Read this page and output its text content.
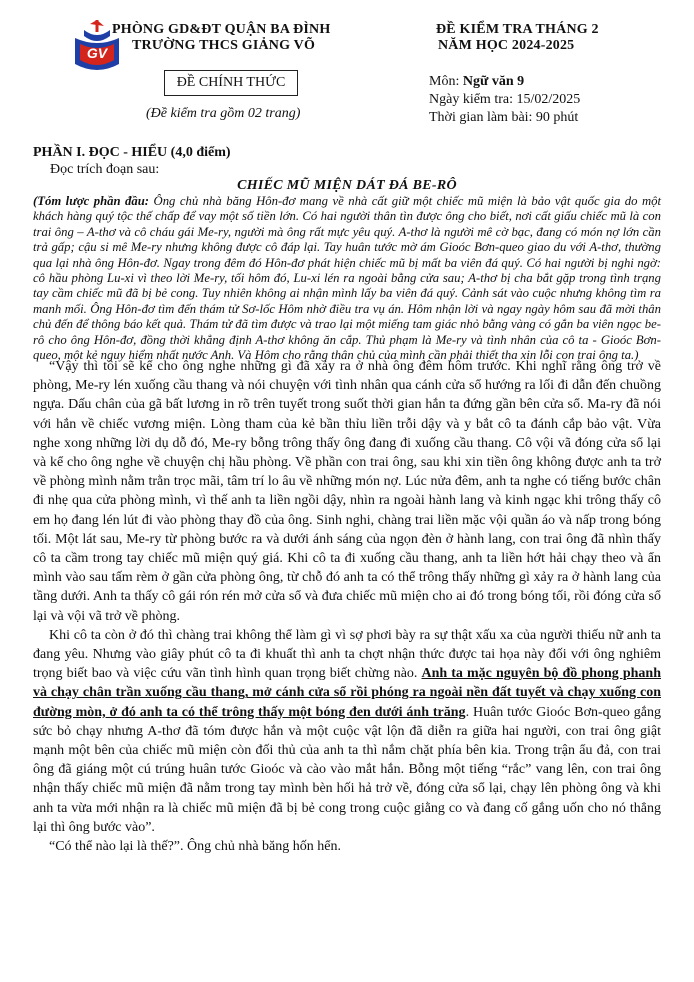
PHÒNG GD&ĐT QUẬN BA ĐÌNH
TRƯỜNG THCS GIẢNG VÕ
GV
ĐỀ KIỂM TRA THÁNG 2
NĂM HỌC 2024-2025
ĐỀ CHÍNH THỨC
(Đề kiểm tra gồm 02 trang)
Môn: Ngữ văn 9
Ngày kiểm tra: 15/02/2025
Thời gian làm bài: 90 phút
PHẦN I. ĐỌC - HIỂU (4,0 điểm)
Đọc trích đoạn sau:
CHIẾC MŨ MIỆN DÁT ĐÁ BE-RÔ
(Tóm lược phần đầu: Ông chủ nhà băng Hôn-đơ mang về nhà cất giữ một chiếc mũ miện là bảo vật quốc gia do một khách hàng quý tộc thế chấp để vay một số tiền lớn. Có hai người thân tìn được ông cho biết, nơi cất giấu chiếc mũ là con trai ông – A-thơ và cô cháu gái Me-ry, người mà ông rất mực yêu quý. A-thơ là người mê cờ bạc, đang có món nợ lớn cần trả gấp; cậu si mê Me-ry nhưng không được cô đáp lại. Tay huân tước mờ ám Gioóc Bơn-queo giao du với A-thơ, thường qua lại nhà ông Hôn-đơ. Ngay trong đêm đó Hôn-đơ phát hiện chiếc mũ bị mất ba viên đá quý. Có hai người bị nghi ngờ: cô hầu phòng Lu-xi vì theo lời Me-ry, tối hôm đó, Lu-xi lén ra ngoài bằng cửa sau; A-thơ bị cha bắt gặp trong tình trạng tay cầm chiếc mũ đã bị bẻ cong. Tuy nhiên không ai nhận mình lấy ba viên đá quý. Cảnh sát vào cuộc nhưng không tìm ra manh mối. Ông Hôn-đơ tìm đến thám tử Sơ-lốc Hôm nhờ điều tra vụ án. Hôm nhận lời và ngay ngày hôm sau đã mời thân chủ đến để thông báo kết quả. Thám tử đã tìm được và trao lại một miếng tam giác nhỏ bằng vàng có gắn ba viên ngọc be-rô cho ông Hôn-đơ, đồng thời khẳng định A-thơ không ăn cắp. Thủ phạm là Me-ry và tình nhân của cô ta - Gioóc Bơn-queo, một kẻ nguy hiểm nhất nước Anh. Và Hôm cho rằng thân chủ của mình cần phải thiết tha xin lỗi con trai ông ta.)

“Vậy thì tôi sẽ kể cho ông nghe những gì đã xảy ra ở nhà ông đêm hôm trước. Khi nghĩ rằng ông trở về phòng, Me-ry lén xuống cầu thang và nói chuyện với tình nhân qua cánh cửa sổ hướng ra lối đi dẫn đến chuồng ngựa. Dấu chân của gã bất lương in rõ trên tuyết trong suốt thời gian hắn ta đứng gần bên cửa sổ. Ma-ry đã nói với hắn về chiếc vương miện. Lòng tham của kẻ bần thỉu liền trỗi dậy và y bắt cô ta đánh cắp bảo vật. Vừa nghe xong những lời dụ dỗ đó, Me-ry bỗng trông thấy ông đang đi xuống cầu thang. Cô vội vã đóng cửa sổ lại và kể cho ông nghe về chuyện chị hầu phòng. Về phần con trai ông, sau khi xin tiền ông không được anh ta trở về phòng mình nằm trằn trọc mãi, tâm trí lo âu về những món nợ. Lúc nửa đêm, anh ta nghe có tiếng bước chân đi nhẹ qua cửa phòng mình, vì thế anh ta liền ngồi dậy, nhìn ra ngoài hành lang và kinh ngạc khi trông thấy cô em họ đang lén lút đi vào phòng thay đồ của ông. Sinh nghi, chàng trai liền mặc vội quần áo và nấp trong bóng tối. Một lát sau, Me-ry từ phòng bước ra và dưới ánh sáng của ngọn đèn ở hành lang, con trai ông đã nhìn thấy cô ta cầm trong tay chiếc mũ miện quý giá. Khi cô ta đi xuống cầu thang, anh ta liền hớt hải chạy theo và ẩn mình vào sau tấm rèm ở gần cửa phòng ông, từ chỗ đó anh ta có thể trông thấy những gì xảy ra ở hành lang của tầng dưới. Anh ta thấy cô gái rón rén mở cửa sổ và đưa chiếc mũ miện cho ai đó trong bóng tối, rồi đóng cửa sổ lại và vội vã trở về phòng.

Khi cô ta còn ở đó thì chàng trai không thể làm gì vì sợ phơi bày ra sự thật xấu xa của người thiếu nữ anh ta đang yêu. Nhưng vào giây phút cô ta đi khuất thì anh ta chợt nhận thức được tai họa này đối với ông nghiêm trọng biết bao và việc cứu vãn tình hình quan trọng biết chừng nào. Anh ta mặc nguyên bộ đồ phong phanh và chạy chân trần xuống cầu thang, mở cánh cửa sổ rồi phóng ra ngoài nền đất tuyết và chạy xuống con đường mòn, ở đó anh ta có thể trông thấy một bóng đen dưới ánh trăng. Huân tước Gioóc Bơn-queo gắng sức bỏ chạy nhưng A-thơ đã tóm được hắn và một cuộc vật lộn đã diễn ra giữa hai người, con trai ông giật mạnh một bên của chiếc mũ miện còn đối thủ của anh ta thì nắm chặt phía bên kia. Trong trận ẩu đả, con trai ông đã giáng một cú trúng huân tước Gioóc và cào vào mắt hắn. Bỗng một tiếng “rắc” vang lên, con trai ông nhận thấy chiếc mũ miện đã nằm trong tay mình bèn hối hả trở về, đóng cửa sổ lại, chạy lên phòng ông và khi anh ta vừa mới nhận ra là chiếc mũ miện đã bị bẻ cong trong cuộc giằng co và đang cố gắng uốn cho nó thẳng lại thì ông bước vào”.

“Có thể nào lại là thế?”. Ông chủ nhà băng hốn hển.
